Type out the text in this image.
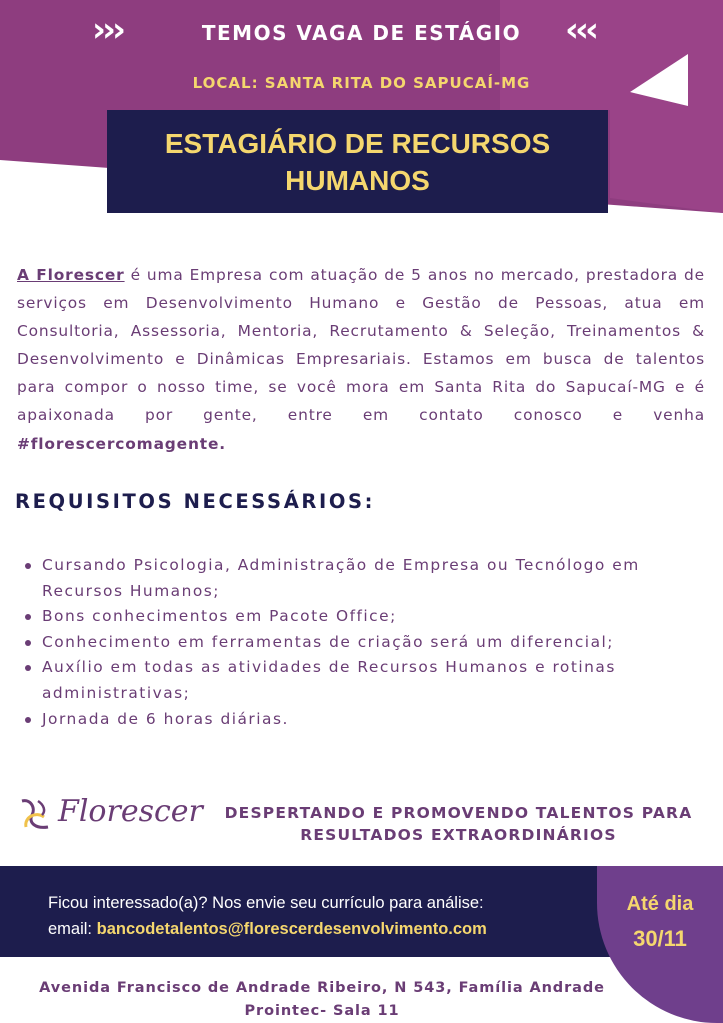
›››	TEMOS VAGA DE ESTÁGIO	‹‹‹
LOCAL: SANTA RITA DO SAPUCAÍ-MG
ESTAGIÁRIO DE RECURSOS HUMANOS
A Florescer é uma Empresa com atuação de 5 anos no mercado, prestadora de serviços em Desenvolvimento Humano e Gestão de Pessoas, atua em Consultoria, Assessoria, Mentoria, Recrutamento & Seleção, Treinamentos & Desenvolvimento e Dinâmicas Empresariais. Estamos em busca de talentos para compor o nosso time, se você mora em Santa Rita do Sapucaí-MG e é apaixonada por gente, entre em contato conosco e venha #florescercomagente.
REQUISITOS NECESSÁRIOS:
Cursando Psicologia, Administração de Empresa ou Tecnólogo em Recursos Humanos;
Bons conhecimentos em Pacote Office;
Conhecimento em ferramentas de criação será um diferencial;
Auxílio em todas as atividades de Recursos Humanos e rotinas administrativas;
Jornada de 6 horas diárias.
Florescer	DESPERTANDO E PROMOVENDO TALENTOS PARA RESULTADOS EXTRAORDINÁRIOS
Ficou interessado(a)? Nos envie seu currículo para análise:
email: bancodetalentos@florescerdesenvolvimento.com
Até dia
30/11
Avenida Francisco de Andrade Ribeiro, N 543, Família Andrade
Prointec- Sala 11
